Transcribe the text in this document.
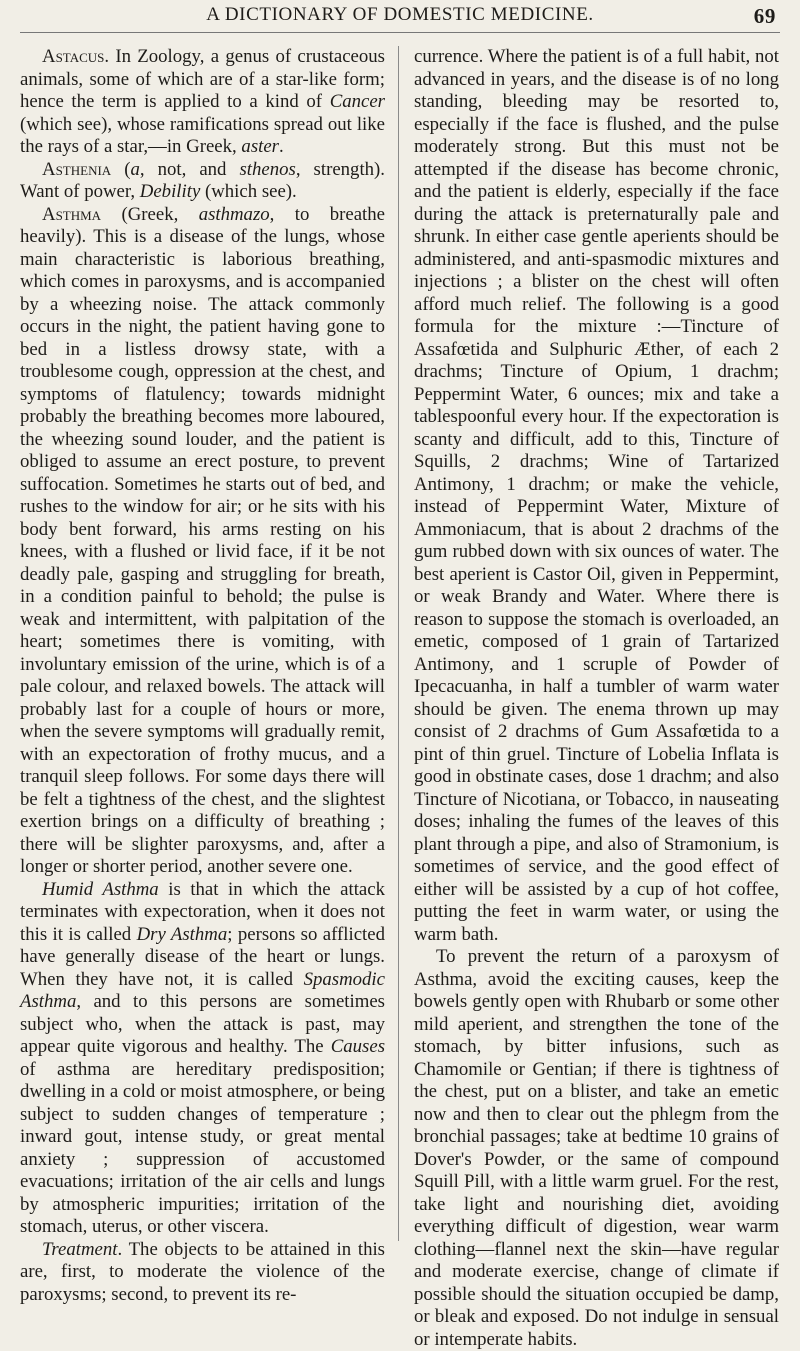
A DICTIONARY OF DOMESTIC MEDICINE.	69

Astacus. In Zoology, a genus of crustaceous animals, some of which are of a star-like form; hence the term is applied to a kind of Cancer (which see), whose ramifications spread out like the rays of a star,—in Greek, aster.

Asthenia (a, not, and sthenos, strength). Want of power, Debility (which see).

Asthma (Greek, asthmazo, to breathe heavily). This is a disease of the lungs, whose main characteristic is laborious breathing, which comes in paroxysms, and is accompanied by a wheezing noise. The attack commonly occurs in the night, the patient having gone to bed in a listless drowsy state, with a troublesome cough, oppression at the chest, and symptoms of flatulency; towards midnight probably the breathing becomes more laboured, the wheezing sound louder, and the patient is obliged to assume an erect posture, to prevent suffocation. Sometimes he starts out of bed, and rushes to the window for air; or he sits with his body bent forward, his arms resting on his knees, with a flushed or livid face, if it be not deadly pale, gasping and struggling for breath, in a condition painful to behold; the pulse is weak and intermittent, with palpitation of the heart; sometimes there is vomiting, with involuntary emission of the urine, which is of a pale colour, and relaxed bowels. The attack will probably last for a couple of hours or more, when the severe symptoms will gradually remit, with an expectoration of frothy mucus, and a tranquil sleep follows. For some days there will be felt a tightness of the chest, and the slightest exertion brings on a difficulty of breathing ; there will be slighter paroxysms, and, after a longer or shorter period, another severe one.

Humid Asthma is that in which the attack terminates with expectoration, when it does not this it is called Dry Asthma; persons so afflicted have generally disease of the heart or lungs. When they have not, it is called Spasmodic Asthma, and to this persons are sometimes subject who, when the attack is past, may appear quite vigorous and healthy. The Causes of asthma are hereditary predisposition; dwelling in a cold or moist atmosphere, or being subject to sudden changes of temperature ; inward gout, intense study, or great mental anxiety ; suppression of accustomed evacuations; irritation of the air cells and lungs by atmospheric impurities; irritation of the stomach, uterus, or other viscera.

Treatment. The objects to be attained in this are, first, to moderate the violence of the paroxysms; second, to prevent its re-

currence. Where the patient is of a full habit, not advanced in years, and the disease is of no long standing, bleeding may be resorted to, especially if the face is flushed, and the pulse moderately strong. But this must not be attempted if the disease has become chronic, and the patient is elderly, especially if the face during the attack is preternaturally pale and shrunk. In either case gentle aperients should be administered, and anti-spasmodic mixtures and injections ; a blister on the chest will often afford much relief. The following is a good formula for the mixture :—Tincture of Assafœtida and Sulphuric Æther, of each 2 drachms; Tincture of Opium, 1 drachm; Peppermint Water, 6 ounces; mix and take a tablespoonful every hour. If the expectoration is scanty and difficult, add to this, Tincture of Squills, 2 drachms; Wine of Tartarized Antimony, 1 drachm; or make the vehicle, instead of Peppermint Water, Mixture of Ammoniacum, that is about 2 drachms of the gum rubbed down with six ounces of water. The best aperient is Castor Oil, given in Peppermint, or weak Brandy and Water. Where there is reason to suppose the stomach is overloaded, an emetic, composed of 1 grain of Tartarized Antimony, and 1 scruple of Powder of Ipecacuanha, in half a tumbler of warm water should be given. The enema thrown up may consist of 2 drachms of Gum Assafœtida to a pint of thin gruel. Tincture of Lobelia Inflata is good in obstinate cases, dose 1 drachm; and also Tincture of Nicotiana, or Tobacco, in nauseating doses; inhaling the fumes of the leaves of this plant through a pipe, and also of Stramonium, is sometimes of service, and the good effect of either will be assisted by a cup of hot coffee, putting the feet in warm water, or using the warm bath.

To prevent the return of a paroxysm of Asthma, avoid the exciting causes, keep the bowels gently open with Rhubarb or some other mild aperient, and strengthen the tone of the stomach, by bitter infusions, such as Chamomile or Gentian; if there is tightness of the chest, put on a blister, and take an emetic now and then to clear out the phlegm from the bronchial passages; take at bedtime 10 grains of Dover's Powder, or the same of compound Squill Pill, with a little warm gruel. For the rest, take light and nourishing diet, avoiding everything difficult of digestion, wear warm clothing—flannel next the skin—have regular and moderate exercise, change of climate if possible should the situation occupied be damp, or bleak and exposed. Do not indulge in sensual or intemperate habits.
